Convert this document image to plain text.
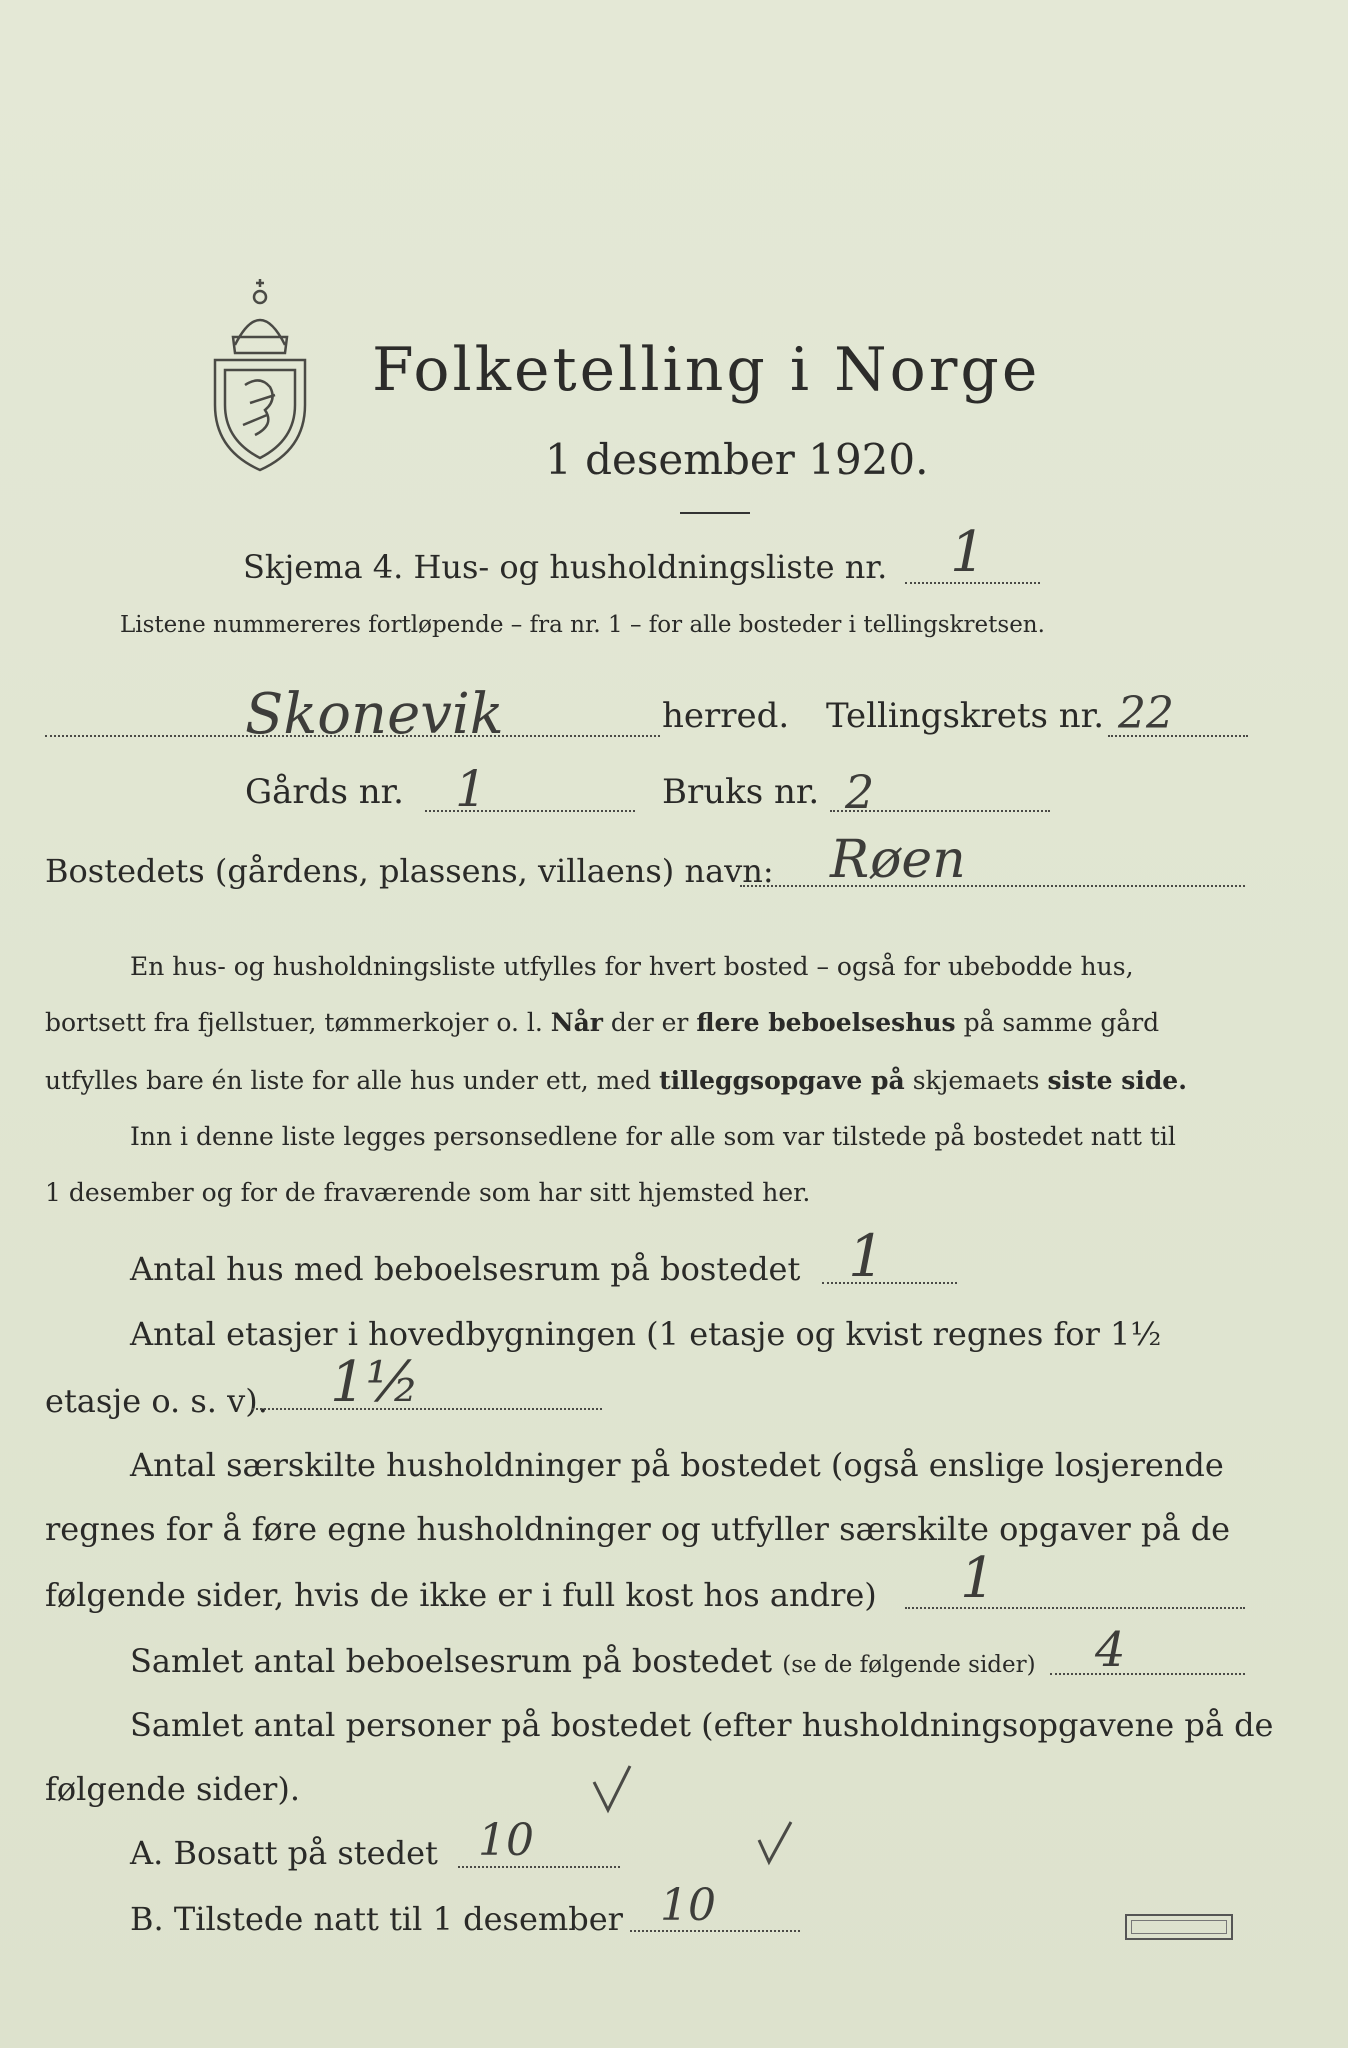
Folketelling i Norge
1 desember 1920.
Skjema 4. Hus- og husholdningsliste nr. 1
Listene nummereres fortløpende – fra nr. 1 – for alle bosteder i tellingskretsen.
Skonevik	herred. Tellingskrets nr. 22
Gårds nr. 1	Bruks nr. 2
Bostedets (gårdens, plassens, villaens) navn: Røen
En hus- og husholdningsliste utfylles for hvert bosted – også for ubebodde hus,
bortsett fra fjellstuer, tømmerkojer o. l. Når der er flere beboelseshus på samme gård
utfylles bare én liste for alle hus under ett, med tilleggsopgave på skjemaets siste side.
Inn i denne liste legges personsedlene for alle som var tilstede på bostedet natt til
1 desember og for de fraværende som har sitt hjemsted her.
Antal hus med beboelsesrum på bostedet 1
Antal etasjer i hovedbygningen (1 etasje og kvist regnes for 1½
etasje o. s. v). 1½
Antal særskilte husholdninger på bostedet (også enslige losjerende
regnes for å føre egne husholdninger og utfyller særskilte opgaver på de
følgende sider, hvis de ikke er i full kost hos andre) 1
Samlet antal beboelsesrum på bostedet (se de følgende sider) 4
Samlet antal personer på bostedet (efter husholdningsopgavene på de
følgende sider).
A. Bosatt på stedet 10
B. Tilstede natt til 1 desember 10
